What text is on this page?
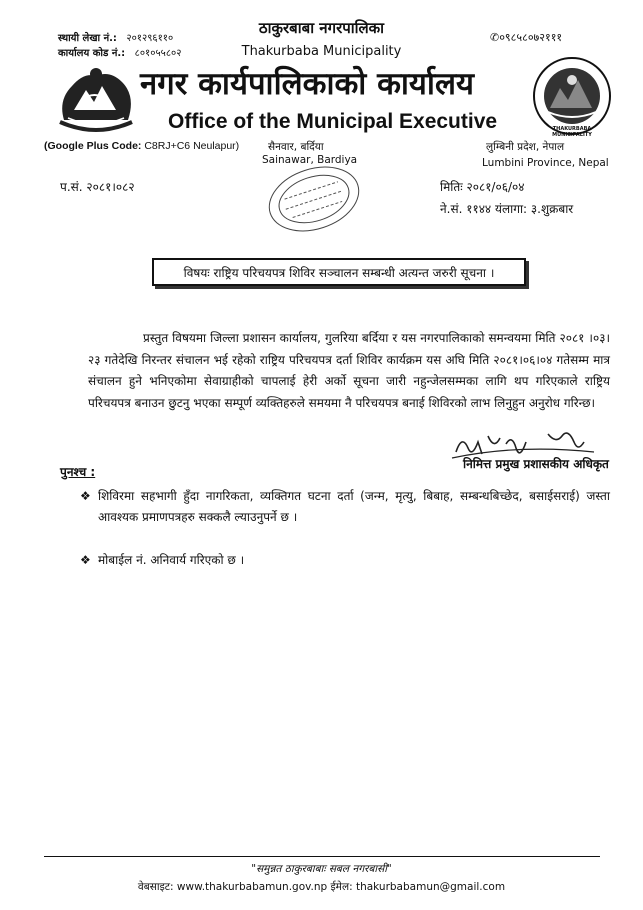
स्थायी लेखा नं.: २०१२९६११०
कार्यालय कोड नं.: ८०१०५५८०२
✆०९८५८०७२१११
ठाकुरबाबा नगरपालिका
Thakurbaba Municipality
नगर कार्यपालिकाको कार्यालय
Office of the Municipal Executive	THAKURBABA MUNICIPALITY
(Google Plus Code: C8RJ+C6 Neulapur)	सैनवार, बर्दिया
Sainawar, Bardiya
लुम्बिनी प्रदेश, नेपाल
Lumbini Province, Nepal
प.सं. २०८१।०८२	मितिः २०८१/०६/०४
ने.सं. ११४४ यंलागा: ३.शुक्रबार
विषयः राष्ट्रिय परिचयपत्र शिविर सञ्चालन सम्बन्धी अत्यन्त जरुरी सूचना ।

प्रस्तुत विषयमा जिल्ला प्रशासन कार्यालय, गुलरिया बर्दिया र यस नगरपालिकाको समन्वयमा मिति २०८१ ।०३।२३ गतेदेखि निरन्तर संचालन भई रहेको राष्ट्रिय परिचयपत्र दर्ता शिविर कार्यक्रम यस अघि मिति २०८१।०६।०४ गतेसम्म मात्र संचालन हुने भनिएकोमा सेवाग्राहीको चापलाई हेरी अर्को सूचना जारी नहुन्जेलसम्मका लागि थप गरिएकाले राष्ट्रिय परिचयपत्र बनाउन छुटनु भएका सम्पूर्ण व्यक्तिहरुले समयमा नै परिचयपत्र बनाई शिविरको लाभ लिनुहुन अनुरोध गरिन्छ।

निमित्त प्रमुख प्रशासकीय अधिकृत
पुनश्च :
❖ शिविरमा सहभागी हुँदा नागरिकता, व्यक्तिगत घटना दर्ता (जन्म, मृत्यु, बिबाह, सम्बन्धबिच्छेद, बसाईसराई) जस्ता आवश्यक प्रमाणपत्रहरु सक्कलै ल्याउनुपर्ने छ ।
❖ मोबाईल नं. अनिवार्य गरिएको छ ।
"समुन्नत ठाकुरबाबाः सबल नगरबासी"
वेबसाइट: www.thakurbabamun.gov.np ईमेल: thakurbabamun@gmail.com
